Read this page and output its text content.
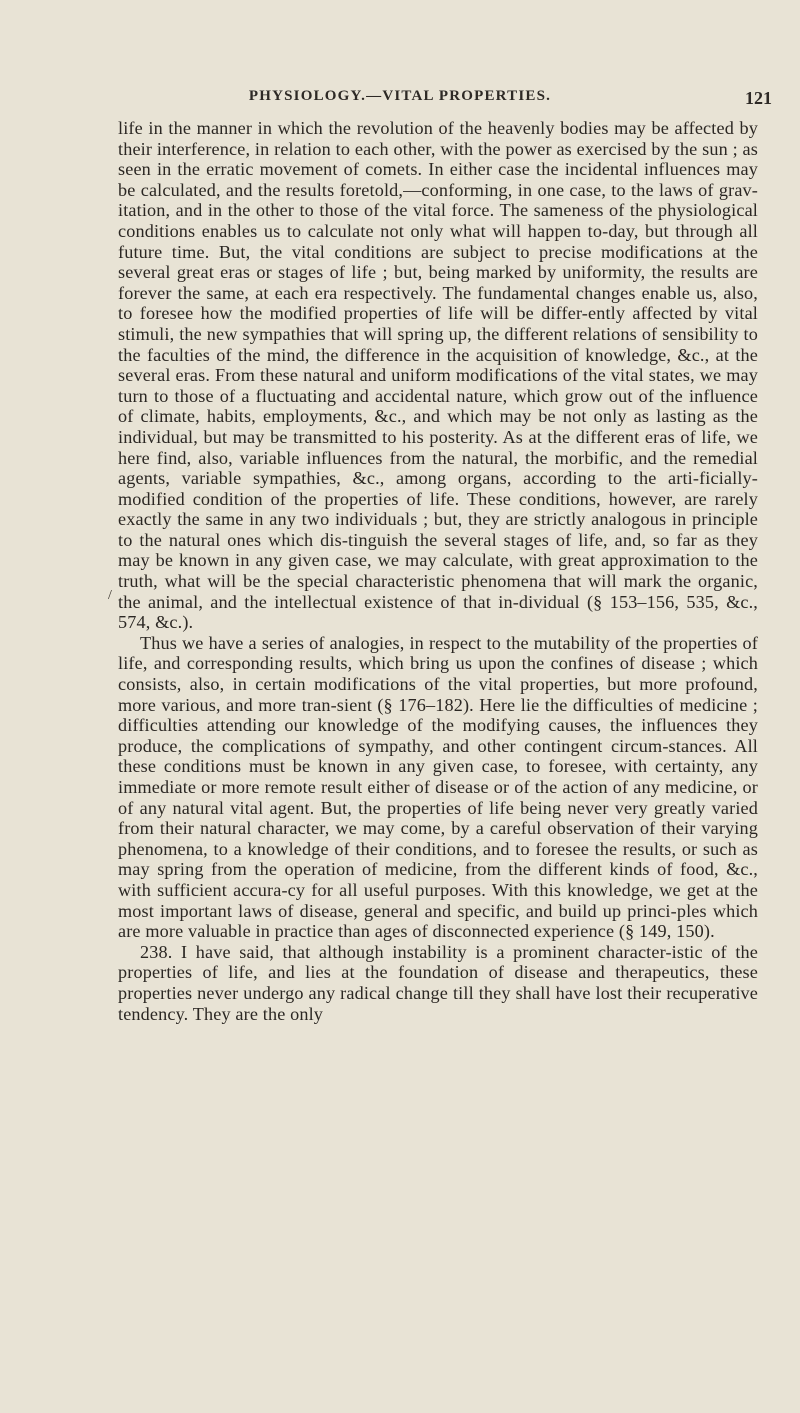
PHYSIOLOGY.—VITAL PROPERTIES.	121
/

life in the manner in which the revolution of the heavenly bodies may be affected by their interference, in relation to each other, with the power as exercised by the sun ; as seen in the erratic movement of comets. In either case the incidental influences may be calculated, and the results foretold,—conforming, in one case, to the laws of grav-itation, and in the other to those of the vital force. The sameness of the physiological conditions enables us to calculate not only what will happen to-day, but through all future time. But, the vital conditions are subject to precise modifications at the several great eras or stages of life ; but, being marked by uniformity, the results are forever the same, at each era respectively. The fundamental changes enable us, also, to foresee how the modified properties of life will be differ-ently affected by vital stimuli, the new sympathies that will spring up, the different relations of sensibility to the faculties of the mind, the difference in the acquisition of knowledge, &c., at the several eras. From these natural and uniform modifications of the vital states, we may turn to those of a fluctuating and accidental nature, which grow out of the influence of climate, habits, employments, &c., and which may be not only as lasting as the individual, but may be transmitted to his posterity. As at the different eras of life, we here find, also, variable influences from the natural, the morbific, and the remedial agents, variable sympathies, &c., among organs, according to the arti-ficially-modified condition of the properties of life. These conditions, however, are rarely exactly the same in any two individuals ; but, they are strictly analogous in principle to the natural ones which dis-tinguish the several stages of life, and, so far as they may be known in any given case, we may calculate, with great approximation to the truth, what will be the special characteristic phenomena that will mark the organic, the animal, and the intellectual existence of that in-dividual (§ 153–156, 535, &c., 574, &c.).

Thus we have a series of analogies, in respect to the mutability of the properties of life, and corresponding results, which bring us upon the confines of disease ; which consists, also, in certain modifications of the vital properties, but more profound, more various, and more tran-sient (§ 176–182). Here lie the difficulties of medicine ; difficulties attending our knowledge of the modifying causes, the influences they produce, the complications of sympathy, and other contingent circum-stances. All these conditions must be known in any given case, to foresee, with certainty, any immediate or more remote result either of disease or of the action of any medicine, or of any natural vital agent. But, the properties of life being never very greatly varied from their natural character, we may come, by a careful observation of their varying phenomena, to a knowledge of their conditions, and to foresee the results, or such as may spring from the operation of medicine, from the different kinds of food, &c., with sufficient accura-cy for all useful purposes. With this knowledge, we get at the most important laws of disease, general and specific, and build up princi-ples which are more valuable in practice than ages of disconnected experience (§ 149, 150).

238. I have said, that although instability is a prominent character-istic of the properties of life, and lies at the foundation of disease and therapeutics, these properties never undergo any radical change till they shall have lost their recuperative tendency. They are the only
